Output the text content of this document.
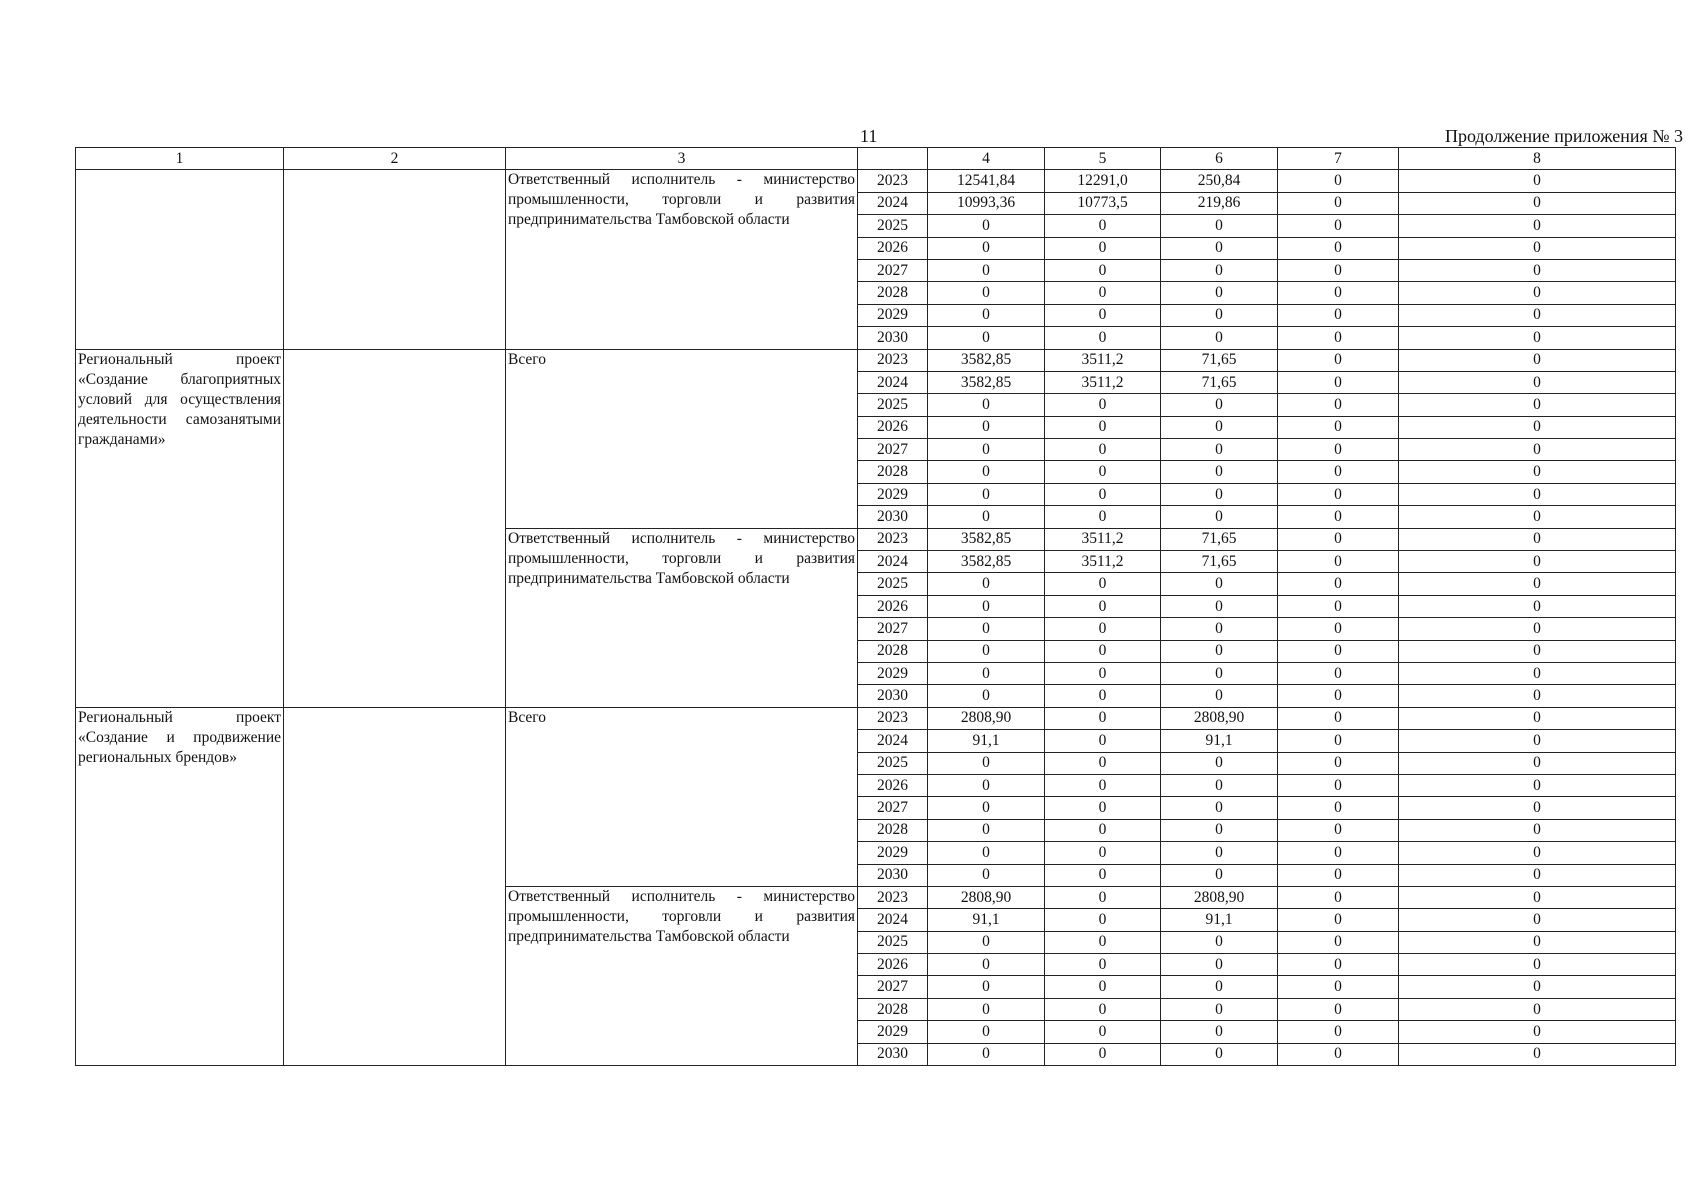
11	Продолжение приложения № 3
1	2	3		4	5	6	7	8
		Ответственный исполнитель - министерство промышленности, торговли и развития предпринимательства Тамбовской области	2023	12541,84	12291,0	250,84	0	0
			2024	10993,36	10773,5	219,86	0	0
			2025	0	0	0	0	0
			2026	0	0	0	0	0
			2027	0	0	0	0	0
			2028	0	0	0	0	0
			2029	0	0	0	0	0
			2030	0	0	0	0	0
Региональный проект «Создание благоприятных условий для осуществления деятельности самозанятыми гражданами»		Всего	2023	3582,85	3511,2	71,65	0	0
			2024	3582,85	3511,2	71,65	0	0
			2025	0	0	0	0	0
			2026	0	0	0	0	0
			2027	0	0	0	0	0
			2028	0	0	0	0	0
			2029	0	0	0	0	0
			2030	0	0	0	0	0
		Ответственный исполнитель - министерство промышленности, торговли и развития предпринимательства Тамбовской области	2023	3582,85	3511,2	71,65	0	0
			2024	3582,85	3511,2	71,65	0	0
			2025	0	0	0	0	0
			2026	0	0	0	0	0
			2027	0	0	0	0	0
			2028	0	0	0	0	0
			2029	0	0	0	0	0
			2030	0	0	0	0	0
Региональный проект «Создание и продвижение региональных брендов»		Всего	2023	2808,90	0	2808,90	0	0
			2024	91,1	0	91,1	0	0
			2025	0	0	0	0	0
			2026	0	0	0	0	0
			2027	0	0	0	0	0
			2028	0	0	0	0	0
			2029	0	0	0	0	0
			2030	0	0	0	0	0
		Ответственный исполнитель - министерство промышленности, торговли и развития предпринимательства Тамбовской области	2023	2808,90	0	2808,90	0	0
			2024	91,1	0	91,1	0	0
			2025	0	0	0	0	0
			2026	0	0	0	0	0
			2027	0	0	0	0	0
			2028	0	0	0	0	0
			2029	0	0	0	0	0
			2030	0	0	0	0	0
